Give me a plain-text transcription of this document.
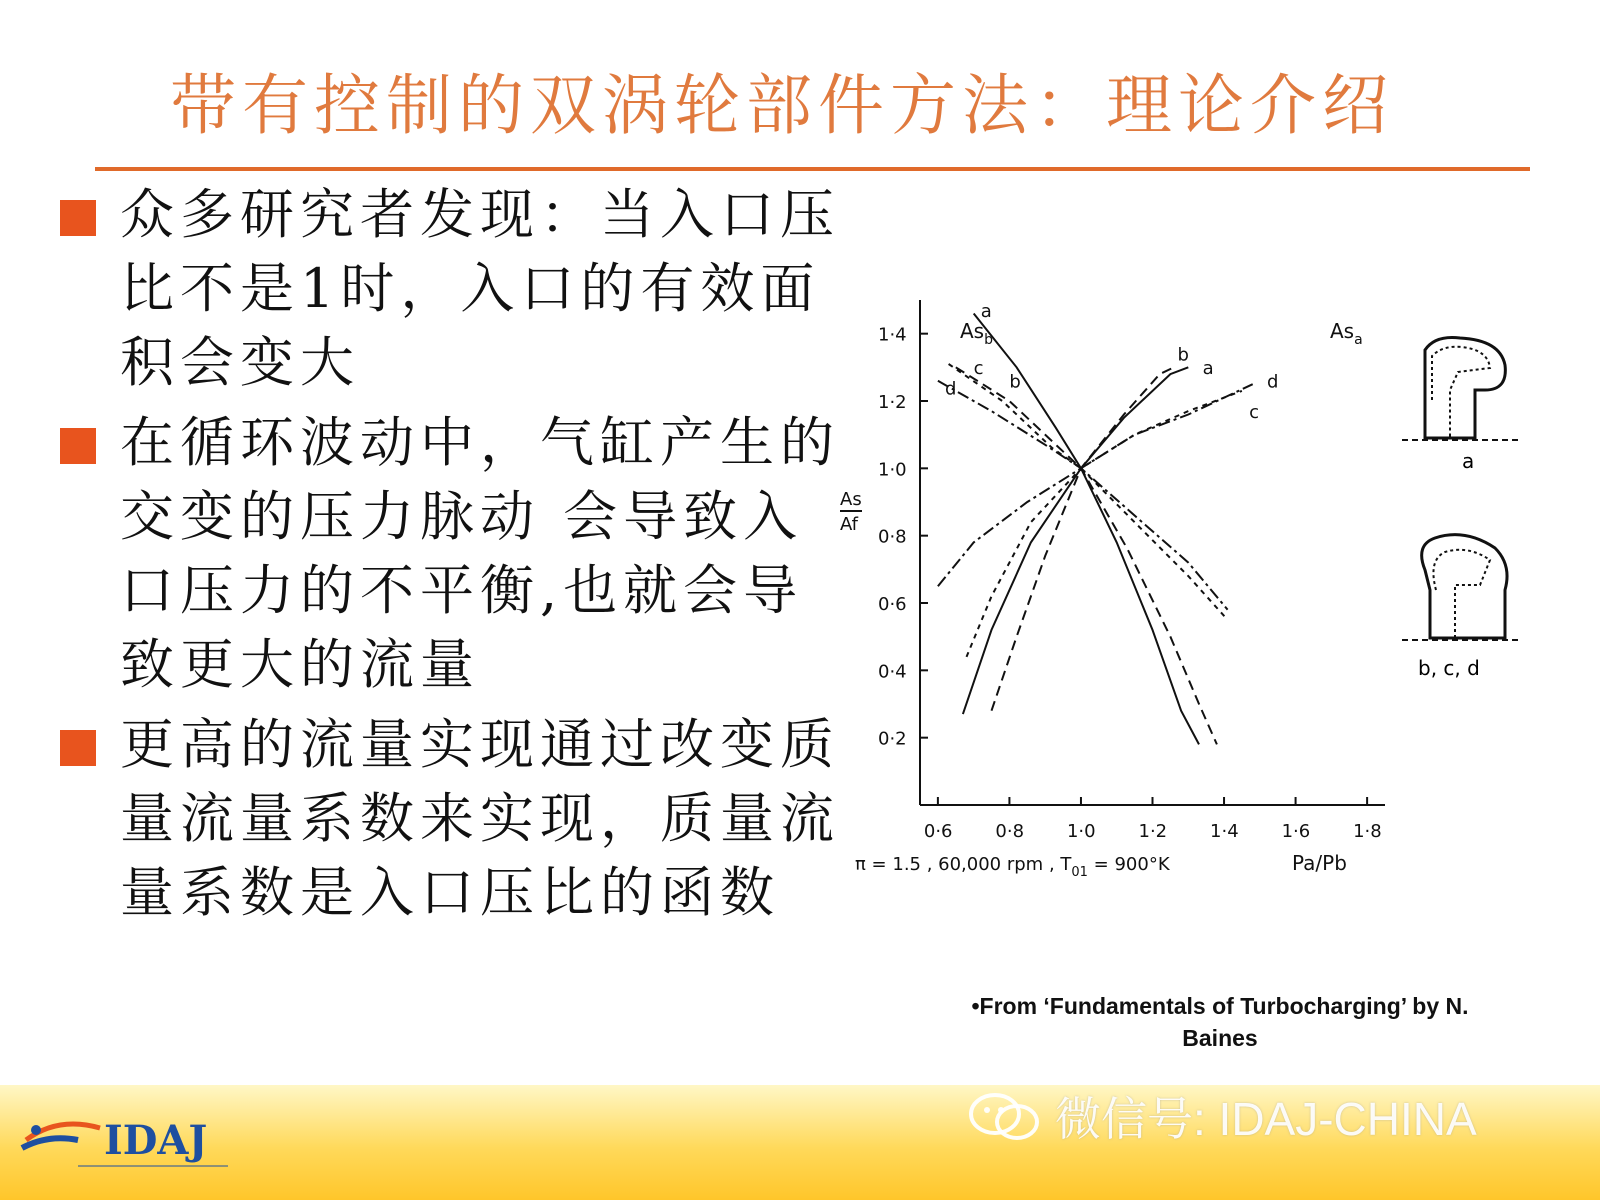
带有控制的双涡轮部件方法：理论介绍
众多研究者发现：当入口压比不是1时，入口的有效面积会变大
在循环波动中，气缸产生的交变的压力脉动 会导致入口压力的不平衡,也就会导致更大的流量
更高的流量实现通过改变质量流量系数来实现，质量流量系数是入口压比的函数
0·2
0·4
0·6
0·8
1·0
1·2
1·4
0·6 0·8 1·0 1·2 1·4 1·6 1·8
a
c
b
d
b
a
d
c
$As_b$	$As_a$
As
Af
Pa/Pb
π = 1.5 , 60,000 rpm , $T_{01} = 900^\circ K$
a
b, c, d
•From ‘Fundamentals of Turbocharging’ by N.
Baines
IDAJ	微信号: IDAJ-CHINA
